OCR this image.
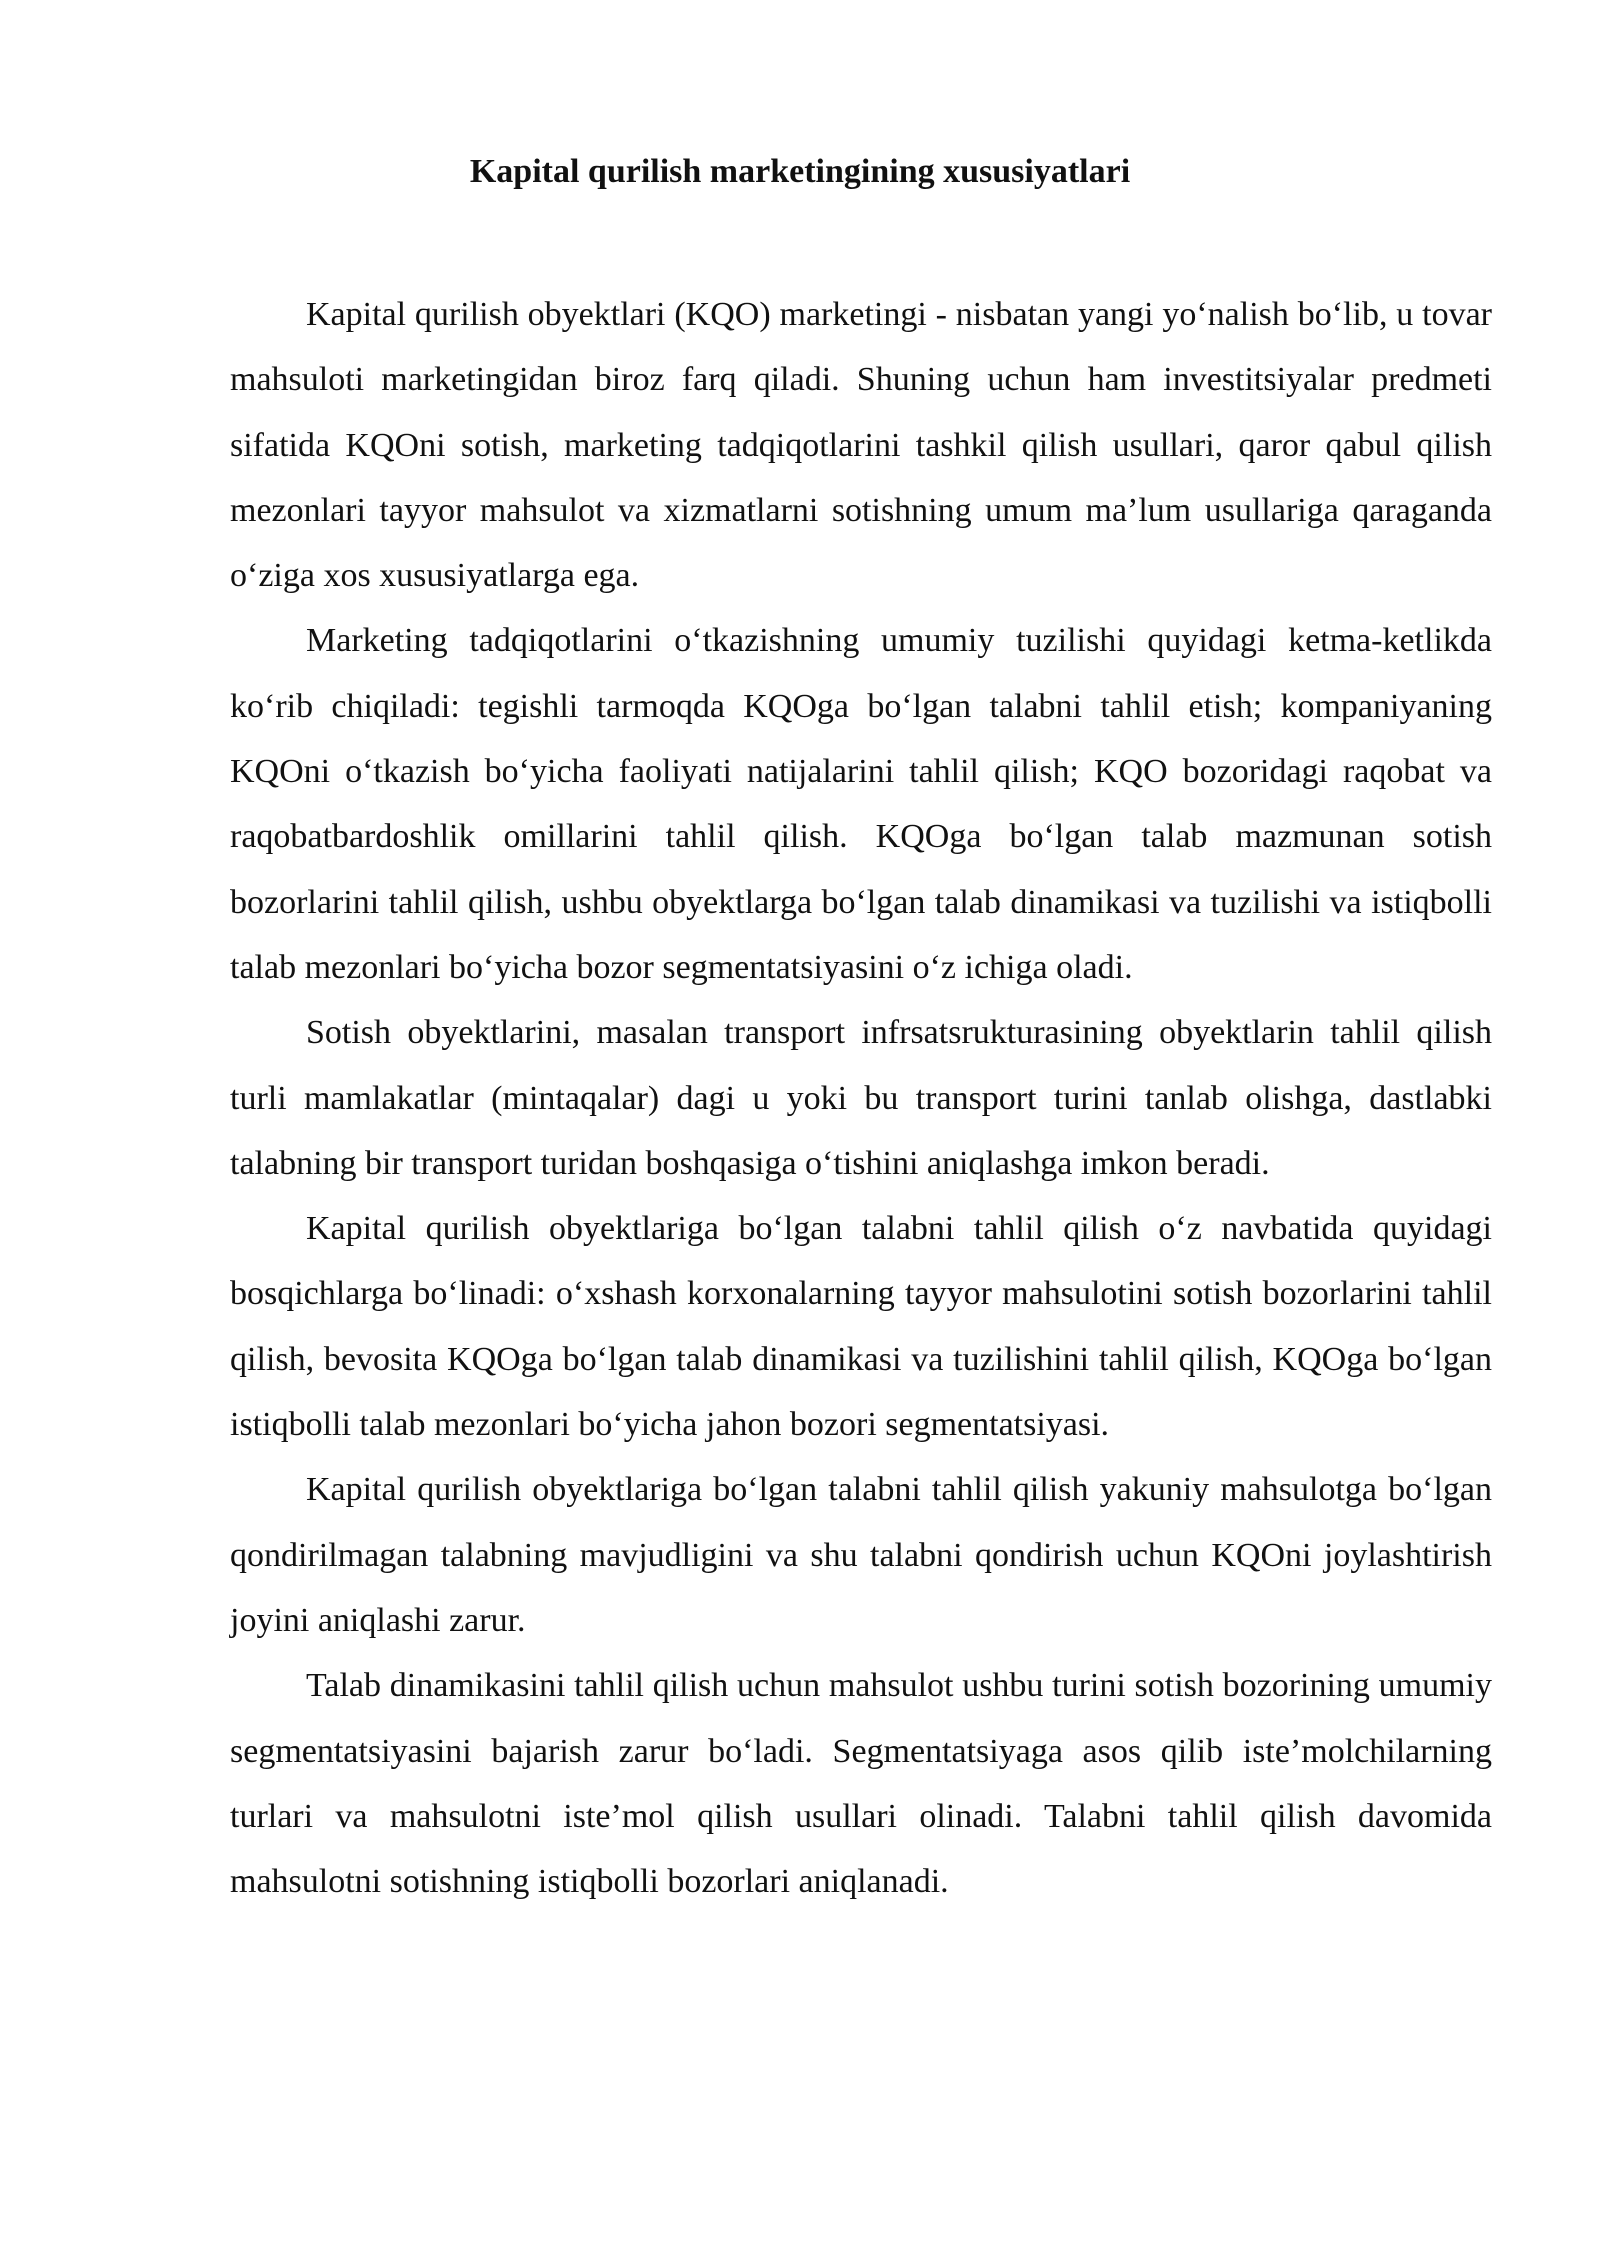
Kapital qurilish marketingining xususiyatlari

Kapital qurilish obyektlari (KQO) marketingi - nisbatan yangi yo‘nalish bo‘lib, u tovar mahsuloti marketingidan biroz farq qiladi. Shuning uchun ham investitsiyalar predmeti sifatida KQOni sotish, marketing tadqiqotlarini tashkil qilish usullari, qaror qabul qilish mezonlari tayyor mahsulot va xizmatlarni sotishning umum ma’lum usullariga qaraganda o‘ziga xos xususiyatlarga ega.

Marketing tadqiqotlarini o‘tkazishning umumiy tuzilishi quyidagi ketma-ketlikda ko‘rib chiqiladi: tegishli tarmoqda KQOga bo‘lgan talabni tahlil etish; kompaniyaning KQOni o‘tkazish bo‘yicha faoliyati natijalarini tahlil qilish; KQO bozoridagi raqobat va raqobatbardoshlik omillarini tahlil qilish. KQOga bo‘lgan talab mazmunan sotish bozorlarini tahlil qilish, ushbu obyektlarga bo‘lgan talab dinamikasi va tuzilishi va istiqbolli talab mezonlari bo‘yicha bozor segmentatsiyasini o‘z ichiga oladi.

Sotish obyektlarini, masalan transport infrsatsrukturasining obyektlarin tahlil qilish turli mamlakatlar (mintaqalar) dagi u yoki bu transport turini tanlab olishga, dastlabki talabning bir transport turidan boshqasiga o‘tishini aniqlashga imkon beradi.

Kapital qurilish obyektlariga bo‘lgan talabni tahlil qilish o‘z navbatida quyidagi bosqichlarga bo‘linadi: o‘xshash korxonalarning tayyor mahsulotini sotish bozorlarini tahlil qilish, bevosita KQOga bo‘lgan talab dinamikasi va tuzilishini tahlil qilish, KQOga bo‘lgan istiqbolli talab mezonlari bo‘yicha jahon bozori segmentatsiyasi.

Kapital qurilish obyektlariga bo‘lgan talabni tahlil qilish yakuniy mahsulotga bo‘lgan qondirilmagan talabning mavjudligini va shu talabni qondirish uchun KQOni joylashtirish joyini aniqlashi zarur.

Talab dinamikasini tahlil qilish uchun mahsulot ushbu turini sotish bozorining umumiy segmentatsiyasini bajarish zarur bo‘ladi. Segmentatsiyaga asos qilib iste’molchilarning turlari va mahsulotni iste’mol qilish usullari olinadi. Talabni tahlil qilish davomida mahsulotni sotishning istiqbolli bozorlari aniqlanadi.
